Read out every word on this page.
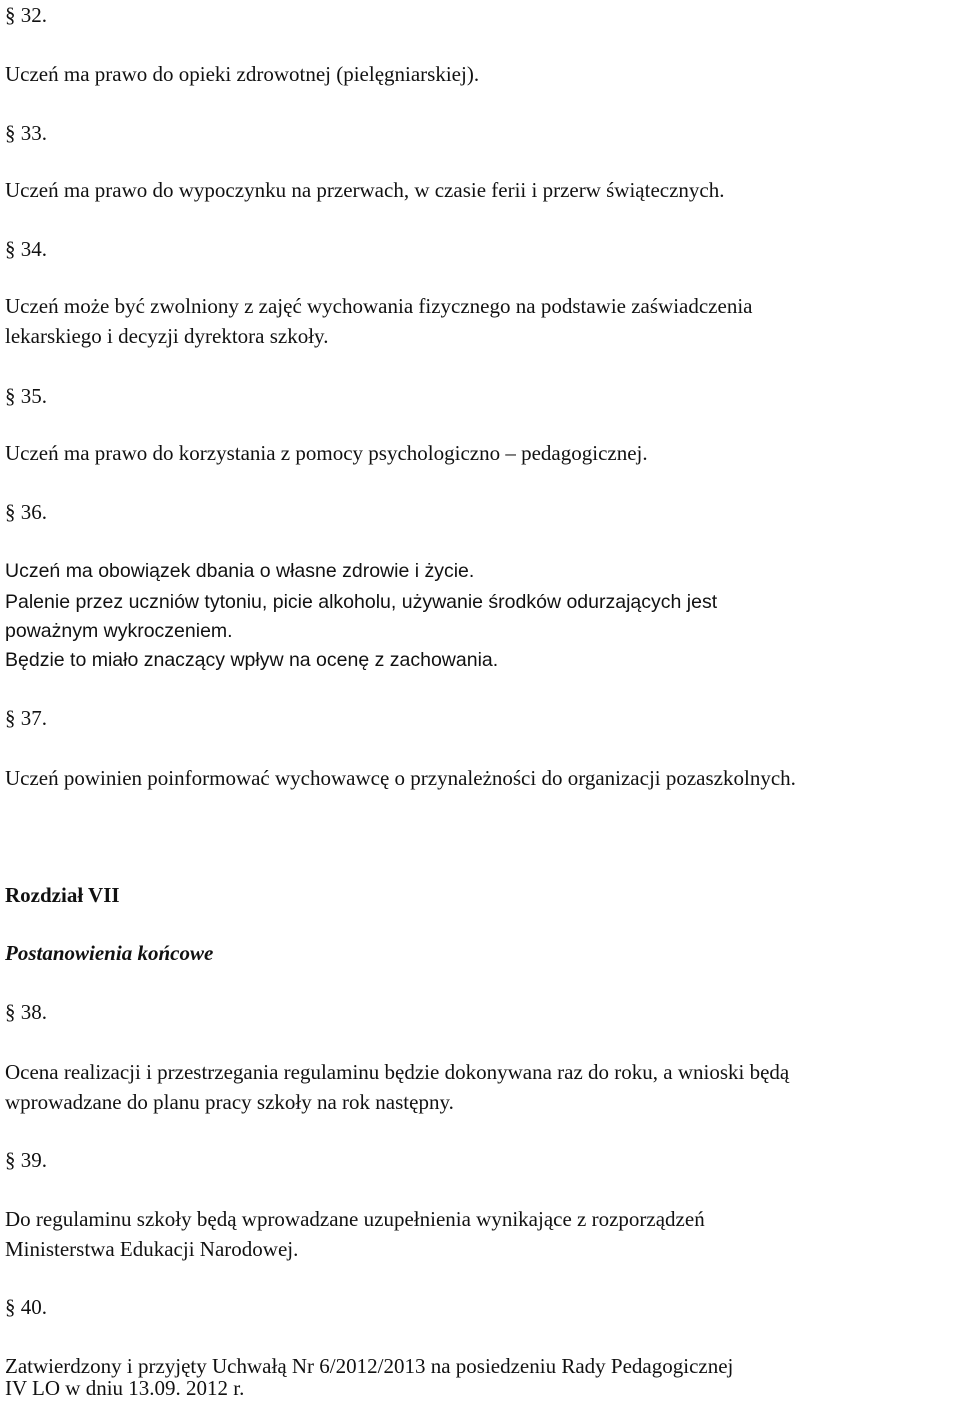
§ 32.
Uczeń ma prawo do opieki zdrowotnej (pielęgniarskiej).
§ 33.
Uczeń ma prawo do wypoczynku na przerwach, w czasie ferii i przerw świątecznych.
§ 34.
Uczeń może być zwolniony z zajęć wychowania fizycznego na podstawie zaświadczenia
lekarskiego i decyzji dyrektora szkoły.
§ 35.
Uczeń ma prawo do korzystania z pomocy psychologiczno – pedagogicznej.
§ 36.
Uczeń ma obowiązek dbania o własne zdrowie i życie.
Palenie przez uczniów tytoniu, picie alkoholu, używanie środków odurzających jest
poważnym wykroczeniem.
Będzie to miało znaczący wpływ na ocenę z zachowania.
§ 37.
Uczeń powinien poinformować wychowawcę o przynależności do organizacji pozaszkolnych.
Rozdział VII
Postanowienia końcowe
§ 38.
Ocena realizacji i przestrzegania regulaminu będzie dokonywana raz do roku, a wnioski będą
wprowadzane do planu pracy szkoły na rok następny.
§ 39.
Do regulaminu szkoły będą wprowadzane uzupełnienia wynikające z rozporządzeń
Ministerstwa Edukacji Narodowej.
§ 40.
Zatwierdzony i przyjęty Uchwałą Nr 6/2012/2013 na posiedzeniu Rady Pedagogicznej
IV LO w dniu 13.09. 2012 r.
